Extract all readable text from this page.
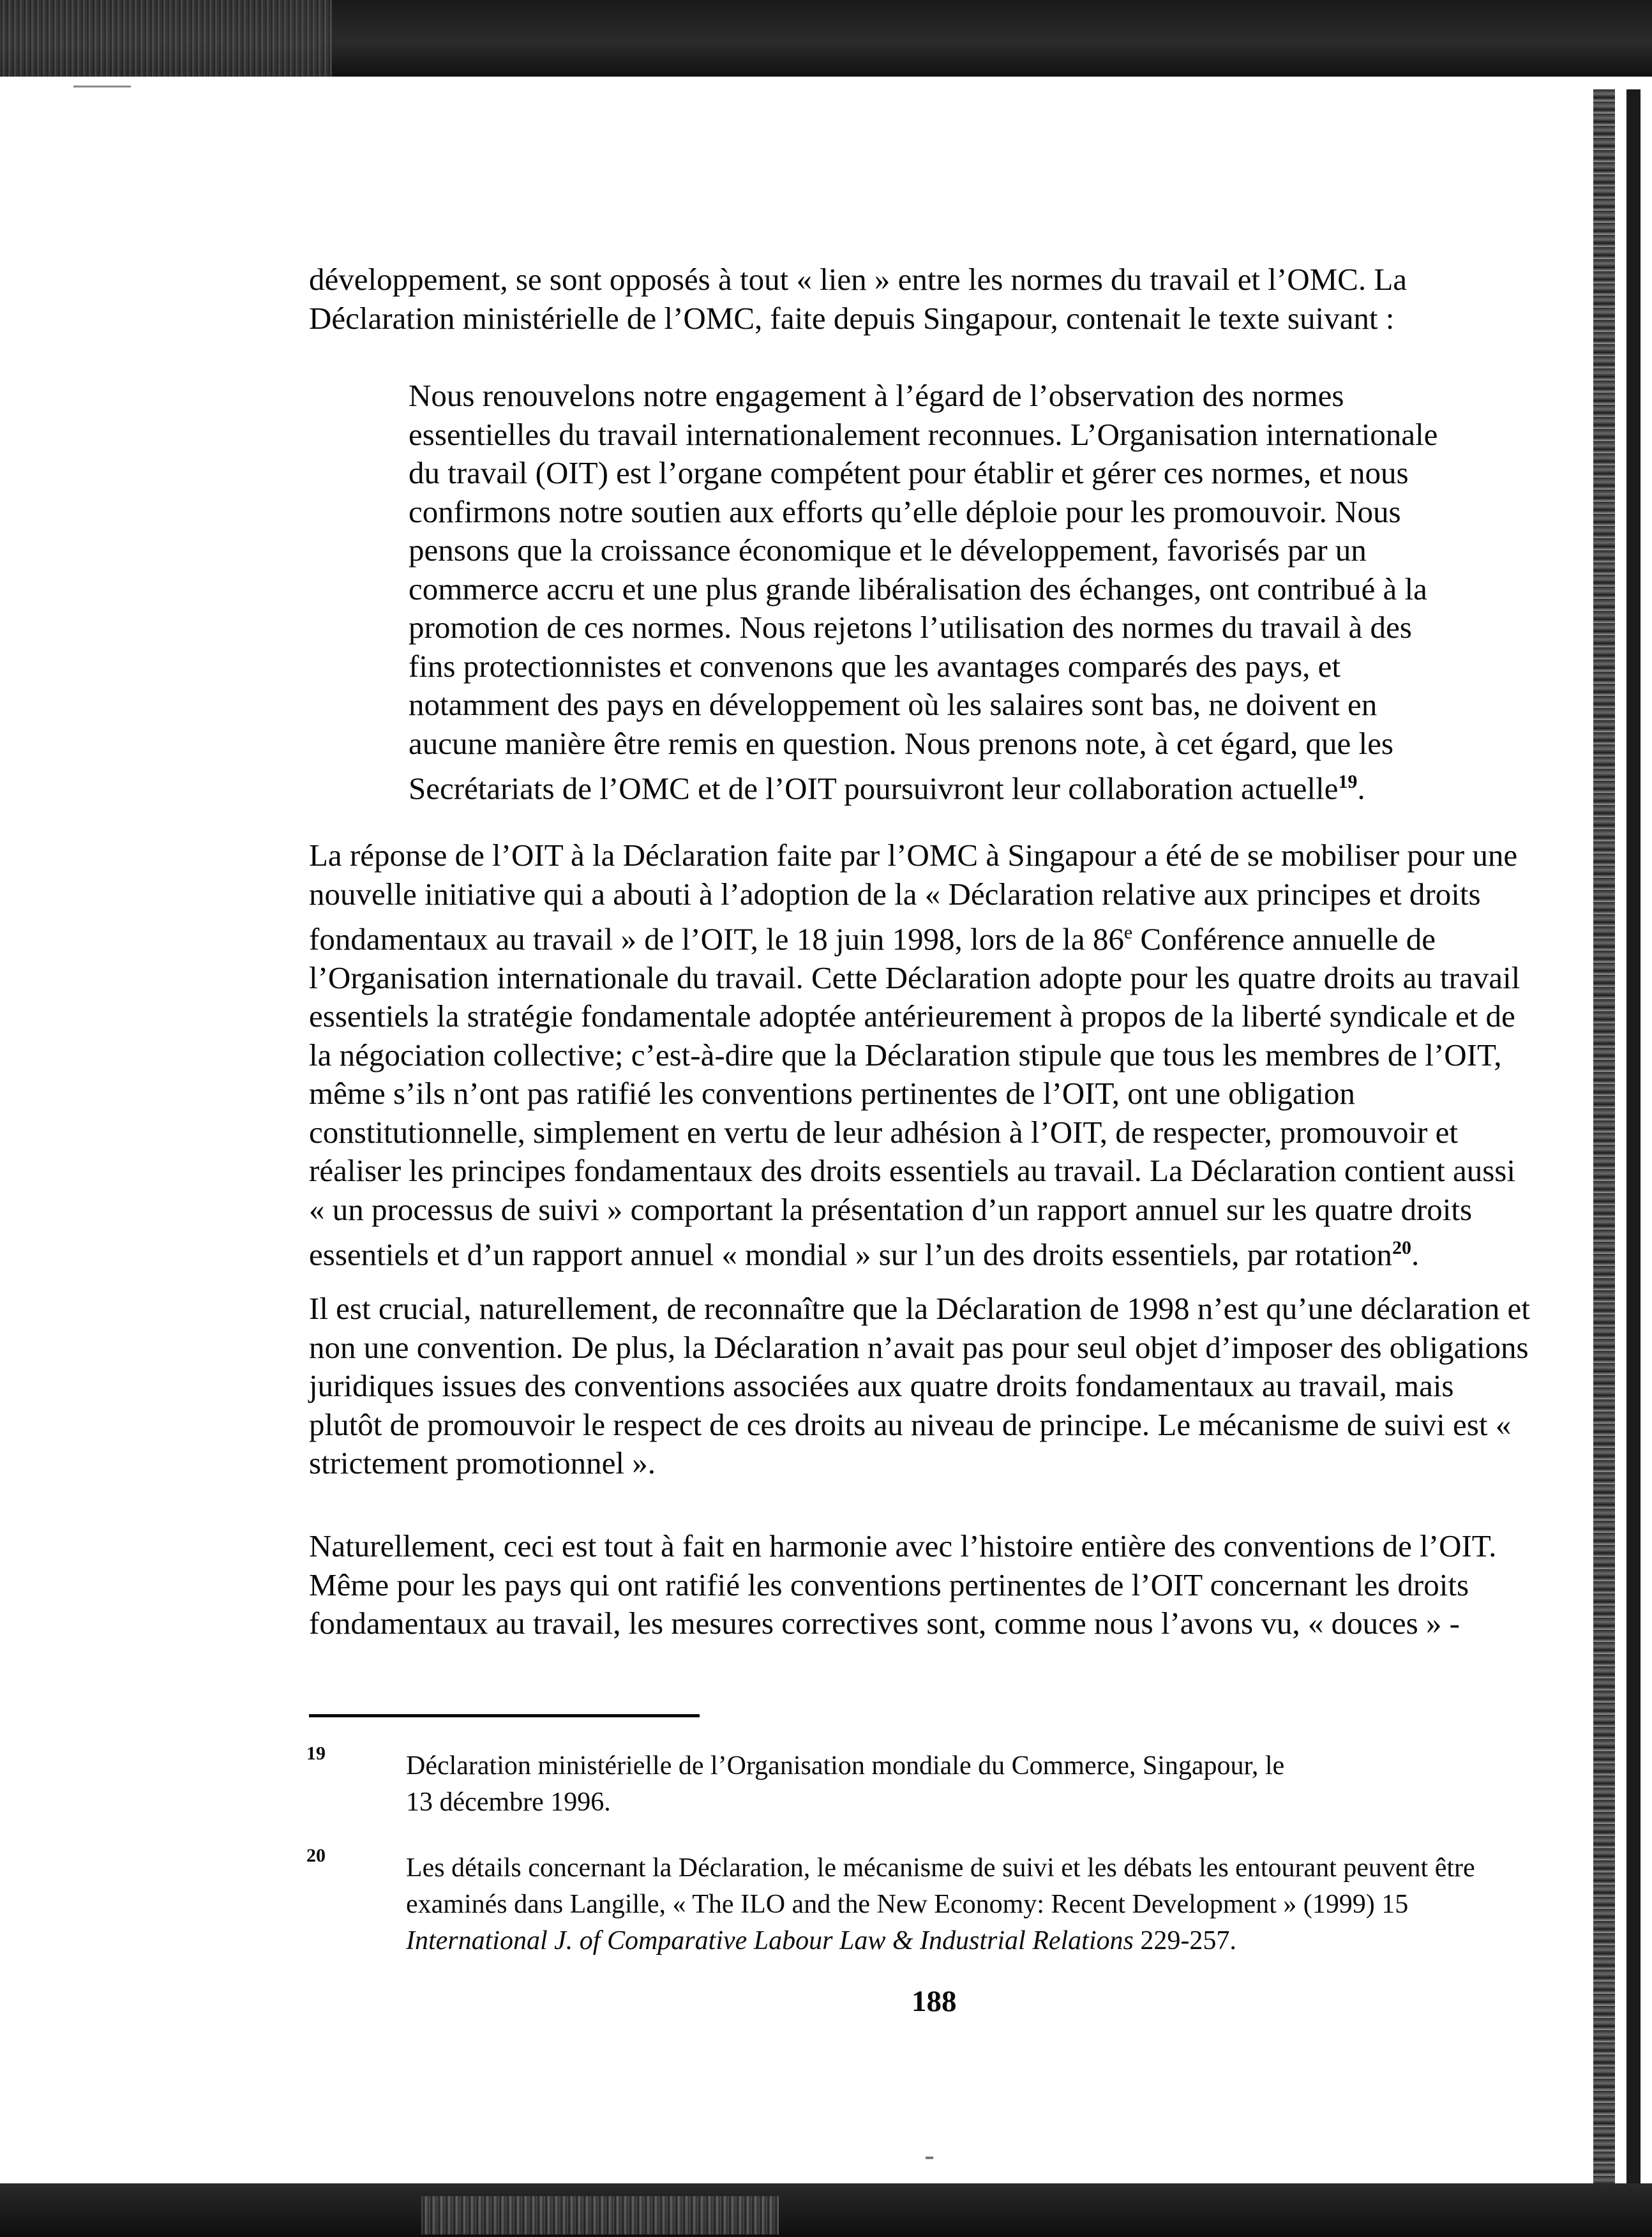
développement, se sont opposés à tout « lien » entre les normes du travail et l’OMC. La
Déclaration ministérielle de l’OMC, faite depuis Singapour, contenait le texte suivant :

Nous renouvelons notre engagement à l’égard de l’observation des normes
essentielles du travail internationalement reconnues. L’Organisation internationale
du travail (OIT) est l’organe compétent pour établir et gérer ces normes, et nous
confirmons notre soutien aux efforts qu’elle déploie pour les promouvoir. Nous
pensons que la croissance économique et le développement, favorisés par un
commerce accru et une plus grande libéralisation des échanges, ont contribué à la
promotion de ces normes. Nous rejetons l’utilisation des normes du travail à des
fins protectionnistes et convenons que les avantages comparés des pays, et
notamment des pays en développement où les salaires sont bas, ne doivent en
aucune manière être remis en question. Nous prenons note, à cet égard, que les
Secrétariats de l’OMC et de l’OIT poursuivront leur collaboration actuelle$^{19}$.

La réponse de l’OIT à la Déclaration faite par l’OMC à Singapour a été de se mobiliser pour une
nouvelle initiative qui a abouti à l’adoption de la « Déclaration relative aux principes et droits
fondamentaux au travail » de l’OIT, le 18 juin 1998, lors de la 86e Conférence annuelle de
l’Organisation internationale du travail. Cette Déclaration adopte pour les quatre droits au travail
essentiels la stratégie fondamentale adoptée antérieurement à propos de la liberté syndicale et de
la négociation collective; c’est-à-dire que la Déclaration stipule que tous les membres de l’OIT,
même s’ils n’ont pas ratifié les conventions pertinentes de l’OIT, ont une obligation
constitutionnelle, simplement en vertu de leur adhésion à l’OIT, de respecter, promouvoir et
réaliser les principes fondamentaux des droits essentiels au travail. La Déclaration contient aussi
« un processus de suivi » comportant la présentation d’un rapport annuel sur les quatre droits
essentiels et d’un rapport annuel « mondial » sur l’un des droits essentiels, par rotation$^{20}$.

Il est crucial, naturellement, de reconnaître que la Déclaration de 1998 n’est qu’une déclaration et
non une convention. De plus, la Déclaration n’avait pas pour seul objet d’imposer des obligations
juridiques issues des conventions associées aux quatre droits fondamentaux au travail, mais
plutôt de promouvoir le respect de ces droits au niveau de principe. Le mécanisme de suivi est «
strictement promotionnel ».

Naturellement, ceci est tout à fait en harmonie avec l’histoire entière des conventions de l’OIT.
Même pour les pays qui ont ratifié les conventions pertinentes de l’OIT concernant les droits
fondamentaux au travail, les mesures correctives sont, comme nous l’avons vu, « douces » -

19	Déclaration ministérielle de l’Organisation mondiale du Commerce, Singapour, le
13 décembre 1996.

20	Les détails concernant la Déclaration, le mécanisme de suivi et les débats les entourant peuvent être
examinés dans Langille, « The ILO and the New Economy: Recent Development » (1999) 15
International J. of Comparative Labour Law & Industrial Relations 229-257.

188
